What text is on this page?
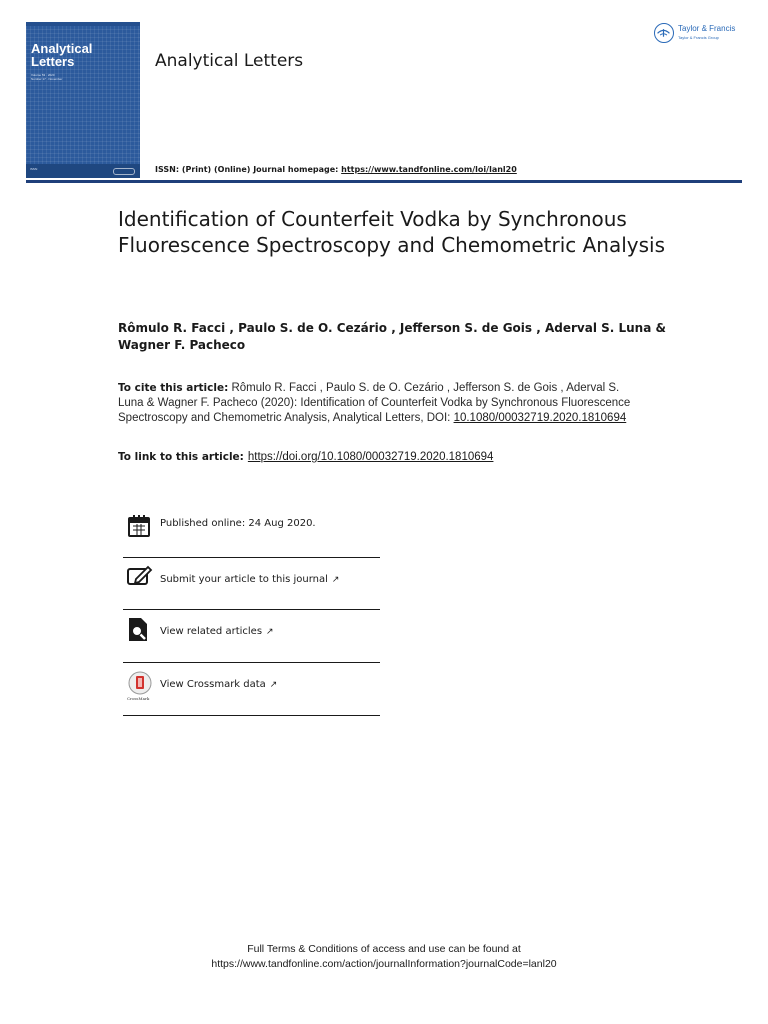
Analytical
Letters
Volume 53 · 2020
Number 17 · November
ISSN:
Analytical Letters
Taylor & Francis
Taylor & Francis Group
ISSN: (Print) (Online) Journal homepage: https://www.tandfonline.com/loi/lanl20
Identification of Counterfeit Vodka by Synchronous Fluorescence Spectroscopy and Chemometric Analysis
Rômulo R. Facci , Paulo S. de O. Cezário , Jefferson S. de Gois , Aderval S. Luna & Wagner F. Pacheco
To cite this article: Rômulo R. Facci , Paulo S. de O. Cezário , Jefferson S. de Gois , Aderval S. Luna & Wagner F. Pacheco (2020): Identification of Counterfeit Vodka by Synchronous Fluorescence Spectroscopy and Chemometric Analysis, Analytical Letters, DOI: 10.1080/00032719.2020.1810694
To link to this article: https://doi.org/10.1080/00032719.2020.1810694
Published online: 24 Aug 2020.
Submit your article to this journal ↗
View related articles ↗
CrossMark
View Crossmark data ↗
Full Terms & Conditions of access and use can be found at
https://www.tandfonline.com/action/journalInformation?journalCode=lanl20
